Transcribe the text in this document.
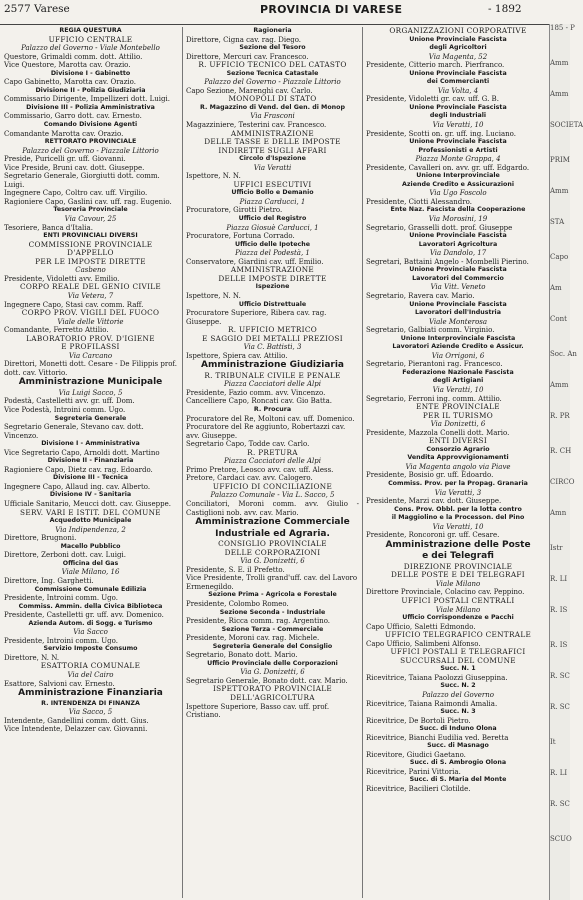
2577 Varese	PROVINCIA DI VARESE	- 1892
REGIA QUESTURA
UFFICIO CENTRALE
Palazzo del Governo - Viale Montebello
Questore, Grimaldi comm. dott. Attilio.
Vice Questore, Marotta cav. Orazio.
Divisione I - Gabinetto
Capo Gabinetto, Marotta cav. Orazio.
Divisione II - Polizia Giudiziaria
Commissario Dirigente, Impellizeri dott. Luigi.
Divisione III - Polizia Amministrativa
Commissario, Garro dott. cav. Ernesto.
Comando Divisione Agenti
Comandante Marotta cav. Orazio.
RETTORATO PROVINCIALE
Palazzo del Governo - Piazzale Littorio
Preside, Puricelli gr. uff. Giovanni.
Vice Preside, Bruni cav. dott. Giuseppe.
Segretario Generale, Giorgiutti dott. comm. Luigi.
Ingegnere Capo, Coltro cav. uff. Virgilio.
Ragioniere Capo, Gaslini cav. uff. rag. Eugenio.
Tesoreria Provinciale
Via Cavour, 25
Tesoriere, Banca d'Italia.
ENTI PROVINCIALI DIVERSI
COMMISSIONE PROVINCIALE
D'APPELLO
PER LE IMPOSTE DIRETTE
Casbeno
Presidente, Vidoletti avv. Emilio.
CORPO REALE DEL GENIO CIVILE
Via Vetera, 7
Ingegnere Capo, Stasi cav. comm. Raff.
CORPO PROV. VIGILI DEL FUOCO
Viale delle Vittorie
Comandante, Ferretto Attilio.
LABORATORIO PROV. D'IGIENE
E PROFILASSI
Via Carcano
Direttori, Monetti dott. Cesare - De Filippis prof. dott. cav. Vittorio.
Amministrazione Municipale
Via Luigi Sacco, 5
Podestà, Castelletti avv. gr. uff. Dom.
Vice Podestà, Introini comm. Ugo.
Segreteria Generale
Segretario Generale, Stevano cav. dott. Vincenzo.
Divisione I - Amministrativa
Vice Segretario Capo, Arnoldi dott. Martino
Divisione II - Finanziaria
Ragioniere Capo, Dietz cav. rag. Edoardo.
Divisione III - Tecnica
Ingegnere Capo, Allaud ing. cav. Alberto.
Divisione IV - Sanitaria
Ufficiale Sanitario, Meucci dott. cav. Giuseppe.
SERV. VARI E ISTIT. DEL COMUNE
Acquedotto Municipale
Via Indipendenza, 2
Direttore, Brugnoni.
Macello Pubblico
Direttore, Zerboni dott. cav. Luigi.
Officina del Gas
Viale Milano, 16
Direttore, Ing. Garghetti.
Commissione Comunale Edilizia
Presidente, Introini comm. Ugo.
Commiss. Ammin. della Civica Biblioteca
Presidente, Castelletti gr. uff. avv. Domenico.
Azienda Autom. di Sogg. e Turismo
Via Sacco
Presidente, Introini comm. Ugo.
Servizio Imposte Consumo
Direttore, N. N.
ESATTORIA COMUNALE
Via del Cairo
Esattore, Salvioni cav. Ernesto.
Amministrazione Finanziaria
R. INTENDENZA DI FINANZA
Via Sacco, 5
Intendente, Gandellini comm. dott. Gius.
Vice Intendente, Delazzer cav. Giovanni.
Ragioneria
Direttore, Cigna cav. rag. Diego.
Sezione del Tesoro
Direttore, Mercuri cav. Francesco.
R. UFFICIO TECNICO DEL CATASTO
Sezione Tecnica Catastale
Palazzo del Governo - Piazzale Littorio
Capo Sezione, Marenghi cav. Carlo.
MONOPOLI DI STATO
R. Magazzino di Vend. del Gen. di Monop
Via Frasconi
Magazziniere, Testerini cav. Francesco.
AMMINISTRAZIONE
DELLE TASSE E DELLE IMPOSTE
INDIRETTE SUGLI AFFARI
Circolo d'Ispezione
Via Veratti
Ispettore, N. N.
UFFICI ESECUTIVI
Ufficio Bollo e Demanio
Piazza Carducci, 1
Procuratore, Girotti Pietro.
Ufficio del Registro
Piazza Giosuè Carducci, 1
Procuratore, Fortuna Corrado.
Ufficio delle Ipoteche
Piazza del Podestà, 1
Conservatore, Giardini cav. uff. Emilio.
AMMINISTRAZIONE
DELLE IMPOSTE DIRETTE
Ispezione
Ispettore, N. N.
Ufficio Distrettuale
Procuratore Superiore, Ribera cav. rag. Giuseppe.
R. UFFICIO METRICO
E SAGGIO DEI METALLI PREZIOSI
Via C. Battisti, 3
Ispettore, Spiera cav. Attilio.
Amministrazione Giudiziaria
R. TRIBUNALE CIVILE E PENALE
Piazza Cacciatori delle Alpi
Presidente, Fazio comm. avv. Vincenzo.
Cancelliere Capo, Roncati cav. Gio Batta.
R. Procura
Procuratore del Re, Moltoni cav. uff. Domenico.
Procuratore del Re aggiunto, Robertazzi cav. avv. Giuseppe.
Segretario Capo, Todde cav. Carlo.
R. PRETURA
Piazza Cacciatori delle Alpi
Primo Pretore, Leosco avv. cav. uff. Aless.
Pretore, Cardaci cav. avv. Calogero.
UFFICIO DI CONCILIAZIONE
Palazzo Comunale - Via L. Sacco, 5
Conciliatori, Moroni comm. avv. Giulio - Castiglioni nob. avv. cav. Mario.
Amministrazione Commerciale
Industriale ed Agraria.
CONSIGLIO PROVINCIALE
DELLE CORPORAZIONI
Via G. Donizetti, 6
Presidente, S. E. il Prefetto.
Vice Presidente, Trolli grand'uff. cav. del Lavoro Ermenegildo.
Sezione Prima - Agricola e Forestale
Presidente, Colombo Romeo.
Sezione Seconda - Industriale
Presidente, Ricca comm. rag. Argentino.
Sezione Terza - Commerciale
Presidente, Moroni cav. rag. Michele.
Segreteria Generale del Consiglio
Segretario, Bonato dott. Mario.
Ufficio Provinciale delle Corporazioni
Via G. Donizetti, 6
Segretario Generale, Bonato dott. cav. Mario.
ISPETTORATO PROVINCIALE
DELL'AGRICOLTURA
Ispettore Superiore, Basso cav. uff. prof. Cristiano.
ORGANIZZAZIONI CORPORATIVE
Unione Provinciale Fascista
degli Agricoltori
Via Magenta, 52
Presidente, Citterio march. Pierfranco.
Unione Provinciale Fascista
dei Commercianti
Via Volta, 4
Presidente, Vidoletti gr. cav. uff. G. B.
Unione Provinciale Fascista
degli Industriali
Via Veratti, 10
Presidente, Scotti on. gr. uff. ing. Luciano.
Unione Provinciale Fascista
Professionisti e Artisti
Piazza Monte Grappa, 4
Presidente, Cavalleri on. avv. gr. uff. Edgardo.
Unione Interprovinciale
Aziende Credito e Assicurazioni
Via Ugo Foscolo
Presidente, Ciotti Alessandro.
Ente Naz. Fascista della Cooperazione
Via Morosini, 19
Segretario, Grasselli dott. prof. Giuseppe
Unione Provinciale Fascista
Lavoratori Agricoltura
Via Dandolo, 17
Segretari, Battaini Angelo - Mombelli Pierino.
Unione Provinciale Fascista
Lavoratori del Commercio
Via Vitt. Veneto
Segretario, Ravera cav. Mario.
Unione Provinciale Fascista
Lavoratori dell'Industria
Viale Monterosa
Segretario, Galbiati comm. Virginio.
Unione Interprovinciale Fascista
Lavoratori Aziende Credito e Assicur.
Via Orrigoni, 6
Segretario, Pierantoni rag. Francesco.
Federazione Nazionale Fascista
degli Artigiani
Via Veratti, 10
Segretario, Ferroni ing. comm. Attilio.
ENTE PROVINCIALE
PER IL TURISMO
Via Donizetti, 6
Presidente, Mazzola Conelli dott. Mario.
ENTI DIVERSI
Consorzio Agrario
Vendita Approvvigionamenti
Via Magenta angolo via Piave
Presidente, Bosisio gr. uff. Edoardo.
Commiss. Prov. per la Propag. Granaria
Via Veratti, 3
Presidente, Marzi cav. dott. Giuseppe.
Cons. Prov. Obbl. per la lotta contro
il Maggiolino e la Processon. del Pino
Via Veratti, 10
Presidente, Roncoroni gr. uff. Cesare.
Amministrazione delle Poste
e dei Telegrafi
DIREZIONE PROVINCIALE
DELLE POSTE E DEI TELEGRAFI
Viale Milano
Direttore Provinciale, Colacino cav. Peppino.
UFFICI POSTALI CENTRALI
Viale Milano
Ufficio Corrispondenze e Pacchi
Capo Ufficio, Saletti Edmondo.
UFFICIO TELEGRAFICO CENTRALE
Capo Ufficio, Salimbeni Alfonso.
UFFICI POSTALI E TELEGRAFICI
SUCCURSALI DEL COMUNE
Succ. N. 1
Ricevitrice, Taiana Paolozzi Giuseppina.
Succ. N. 2
Palazzo del Governo
Ricevitrice, Taiana Raimondi Amalia.
Succ. N. 3
Ricevitrice, De Bortoli Pietro.
Succ. di Induno Olona
Ricevitrice, Bianchi Eudilia ved. Beretta
Succ. di Masnago
Ricevitore, Giudici Gaetano.
Succ. di S. Ambrogio Olona
Ricevitrice, Parini Vittoria.
Succ. di S. Maria del Monte
Ricevitrice, Bacilieri Clotilde.
185 - P
Amm
Amm
SOCIETA
PRIM
Amm
STA
Capo
Am
Cont
Soc. An
Amm
R. PR
R. CH
CIRCO
Amn
Istr
R. LI
R. IS
R. IS
R. SC
R. SC
It
R. LI
R. SC
SCUO
